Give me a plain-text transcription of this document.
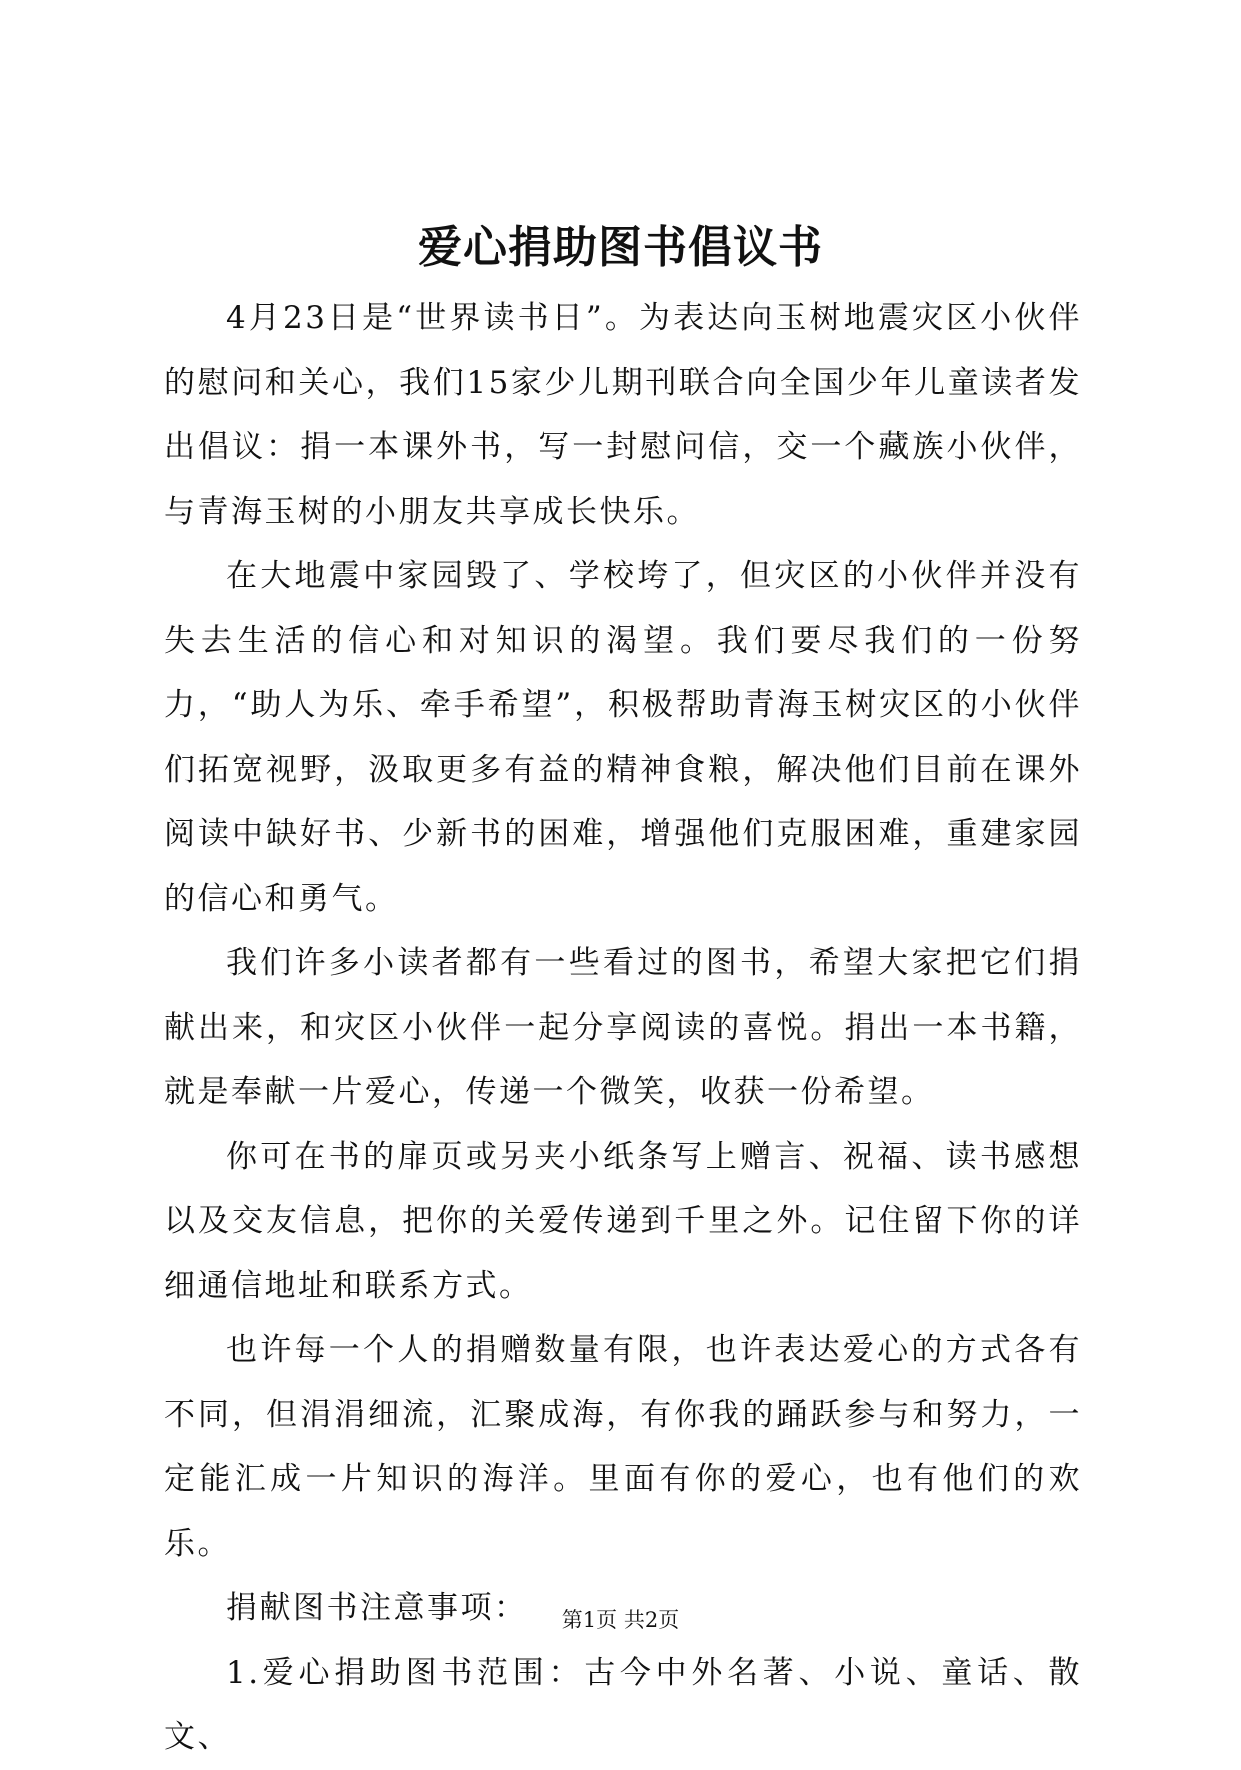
爱心捐助图书倡议书

4月23日是“世界读书日”。为表达向玉树地震灾区小伙伴的慰问和关心，我们15家少儿期刊联合向全国少年儿童读者发出倡议：捐一本课外书，写一封慰问信，交一个藏族小伙伴，与青海玉树的小朋友共享成长快乐。

在大地震中家园毁了、学校垮了，但灾区的小伙伴并没有失去生活的信心和对知识的渴望。我们要尽我们的一份努力，“助人为乐、牵手希望”，积极帮助青海玉树灾区的小伙伴们拓宽视野，汲取更多有益的精神食粮，解决他们目前在课外阅读中缺好书、少新书的困难，增强他们克服困难，重建家园的信心和勇气。

我们许多小读者都有一些看过的图书，希望大家把它们捐献出来，和灾区小伙伴一起分享阅读的喜悦。捐出一本书籍，就是奉献一片爱心，传递一个微笑，收获一份希望。

你可在书的扉页或另夹小纸条写上赠言、祝福、读书感想以及交友信息，把你的关爱传递到千里之外。记住留下你的详细通信地址和联系方式。

也许每一个人的捐赠数量有限，也许表达爱心的方式各有不同，但涓涓细流，汇聚成海，有你我的踊跃参与和努力，一定能汇成一片知识的海洋。里面有你的爱心，也有他们的欢乐。

捐献图书注意事项：

1.爱心捐助图书范围：古今中外名著、小说、童话、散文、

第1页 共2页
